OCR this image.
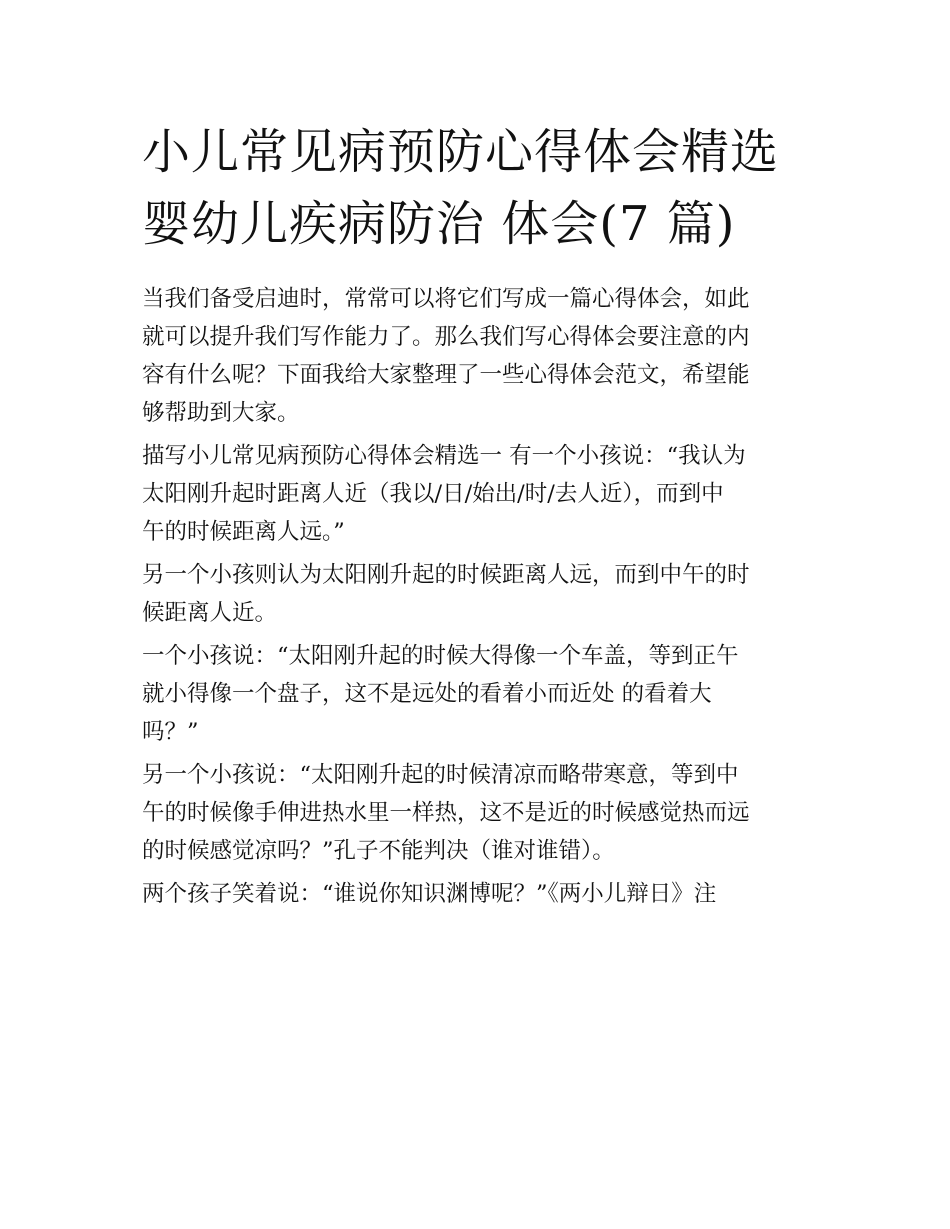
小儿常见病预防心得体会精选
婴幼儿疾病防治 体会(7 篇)

当我们备受启迪时，常常可以将它们写成一篇心得体会，如此
就可以提升我们写作能力了。那么我们写心得体会要注意的内
容有什么呢？下面我给大家整理了一些心得体会范文，希望能
够帮助到大家。

描写小儿常见病预防心得体会精选一 有一个小孩说：“我认为
太阳刚升起时距离人近（我以/日/始出/时/去人近），而到中
午的时候距离人远。”

另一个小孩则认为太阳刚升起的时候距离人远，而到中午的时
候距离人近。

一个小孩说：“太阳刚升起的时候大得像一个车盖，等到正午
就小得像一个盘子，这不是远处的看着小而近处 的看着大
吗？”

另一个小孩说：“太阳刚升起的时候清凉而略带寒意，等到中
午的时候像手伸进热水里一样热，这不是近的时候感觉热而远
的时候感觉凉吗？”孔子不能判决（谁对谁错）。

两个孩子笑着说：“谁说你知识渊博呢？”《两小儿辩日》注
